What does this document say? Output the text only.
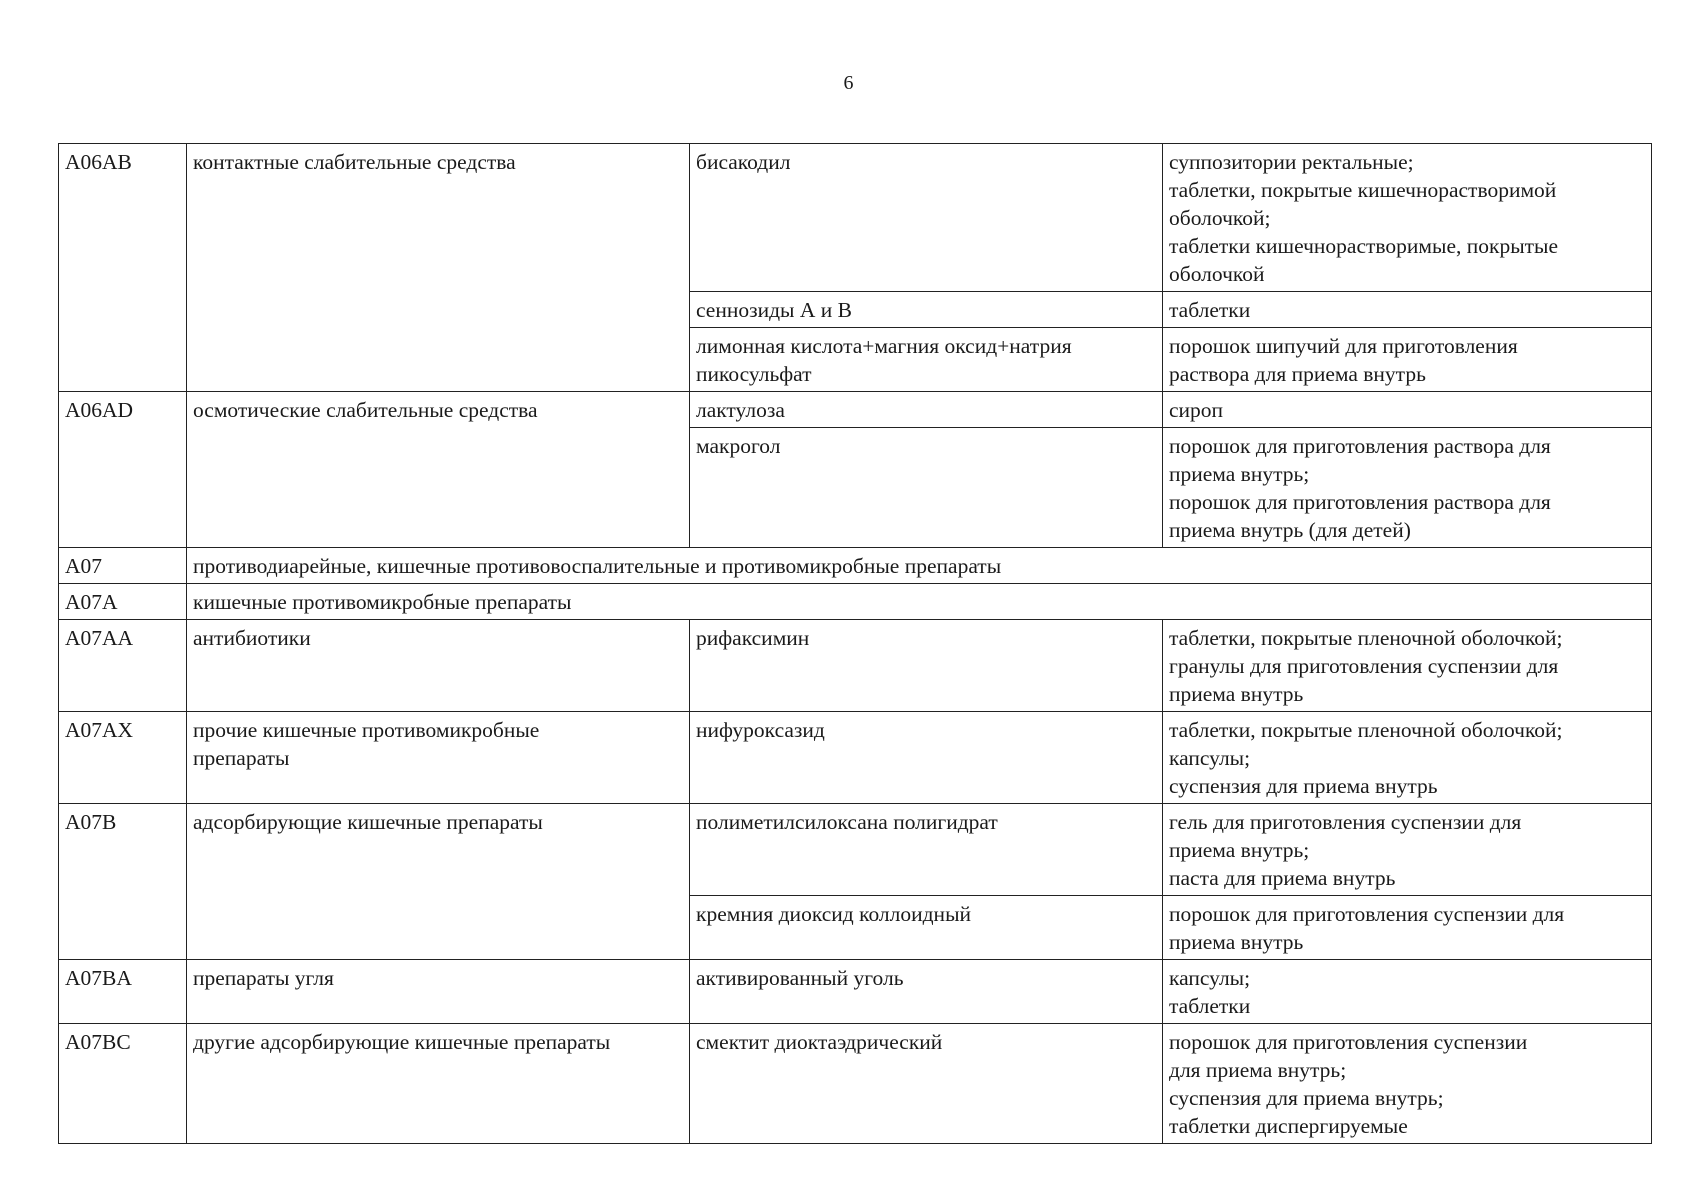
6
A06AB	контактные слабительные средства	бисакодил	суппозитории ректальные;
таблетки, покрытые кишечнорастворимой
оболочкой;
таблетки кишечнорастворимые, покрытые
оболочкой

		сеннозиды А и В	таблетки

		лимонная кислота+магния оксид+натрия
пикосульфат	порошок шипучий для приготовления
раствора для приема внутрь

A06AD	осмотические слабительные средства	лактулоза	сироп

		макрогол	порошок для приготовления раствора для
приема внутрь;
порошок для приготовления раствора для
приема внутрь (для детей)

A07	противодиарейные, кишечные противовоспалительные и противомикробные препараты		
A07A	кишечные противомикробные препараты		
A07AA	антибиотики	рифаксимин	таблетки, покрытые пленочной оболочкой;
гранулы для приготовления суспензии для
приема внутрь

A07AX	прочие кишечные противомикробные
препараты	нифуроксазид	таблетки, покрытые пленочной оболочкой;
капсулы;
суспензия для приема внутрь

A07B	адсорбирующие кишечные препараты	полиметилсилоксана полигидрат	гель для приготовления суспензии для
приема внутрь;
паста для приема внутрь

		кремния диоксид коллоидный	порошок для приготовления суспензии для
приема внутрь

A07BA	препараты угля	активированный уголь	капсулы;
таблетки

A07BC	другие адсорбирующие кишечные препараты	смектит диоктаэдрический	порошок для приготовления суспензии
для приема внутрь;
суспензия для приема внутрь;
таблетки диспергируемые
